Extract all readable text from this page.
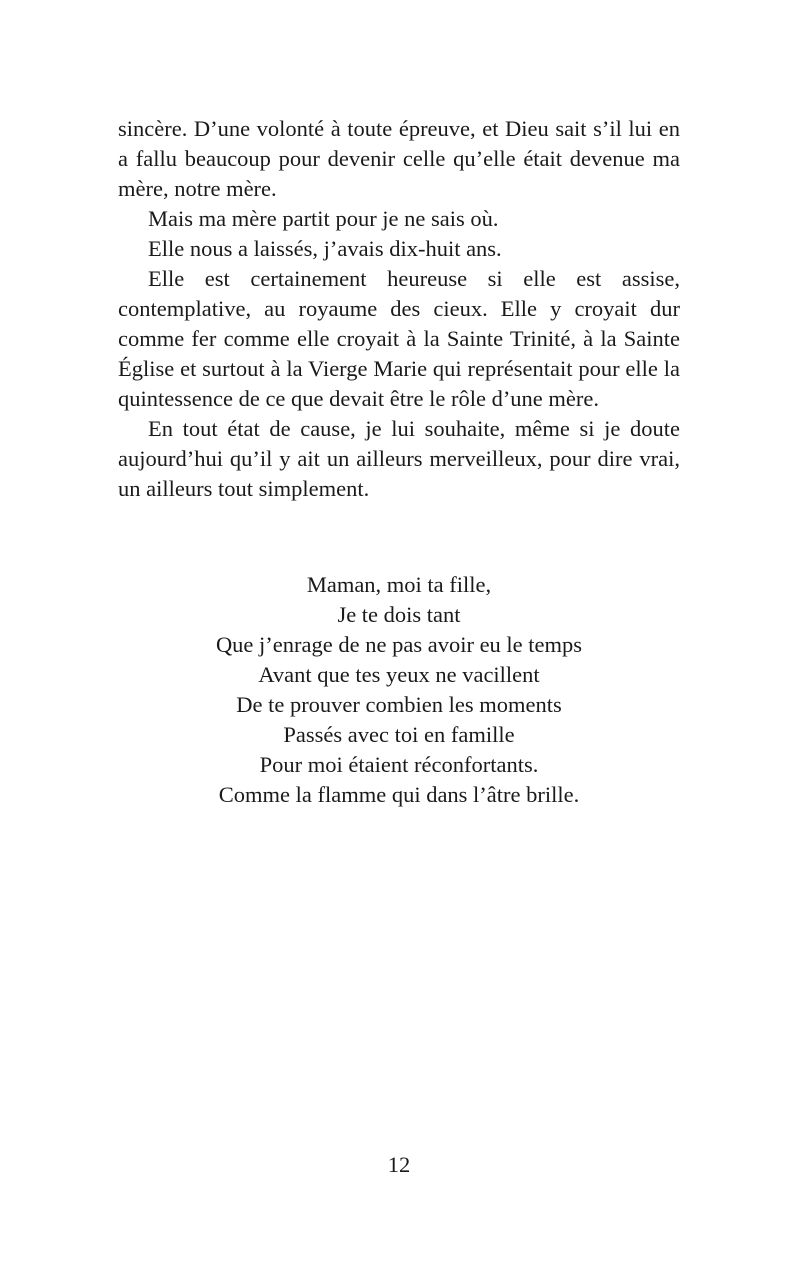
sincère. D’une volonté à toute épreuve, et Dieu sait s’il lui en a fallu beaucoup pour devenir celle qu’elle était devenue ma mère, notre mère.

Mais ma mère partit pour je ne sais où.

Elle nous a laissés, j’avais dix-huit ans.

Elle est certainement heureuse si elle est assise, contemplative, au royaume des cieux. Elle y croyait dur comme fer comme elle croyait à la Sainte Trinité, à la Sainte Église et surtout à la Vierge Marie qui représentait pour elle la quintessence de ce que devait être le rôle d’une mère.

En tout état de cause, je lui souhaite, même si je doute aujourd’hui qu’il y ait un ailleurs merveilleux, pour dire vrai, un ailleurs tout simplement.

Maman, moi ta fille,
Je te dois tant
Que j’enrage de ne pas avoir eu le temps
Avant que tes yeux ne vacillent
De te prouver combien les moments
Passés avec toi en famille
Pour moi étaient réconfortants.
Comme la flamme qui dans l’âtre brille.
12
